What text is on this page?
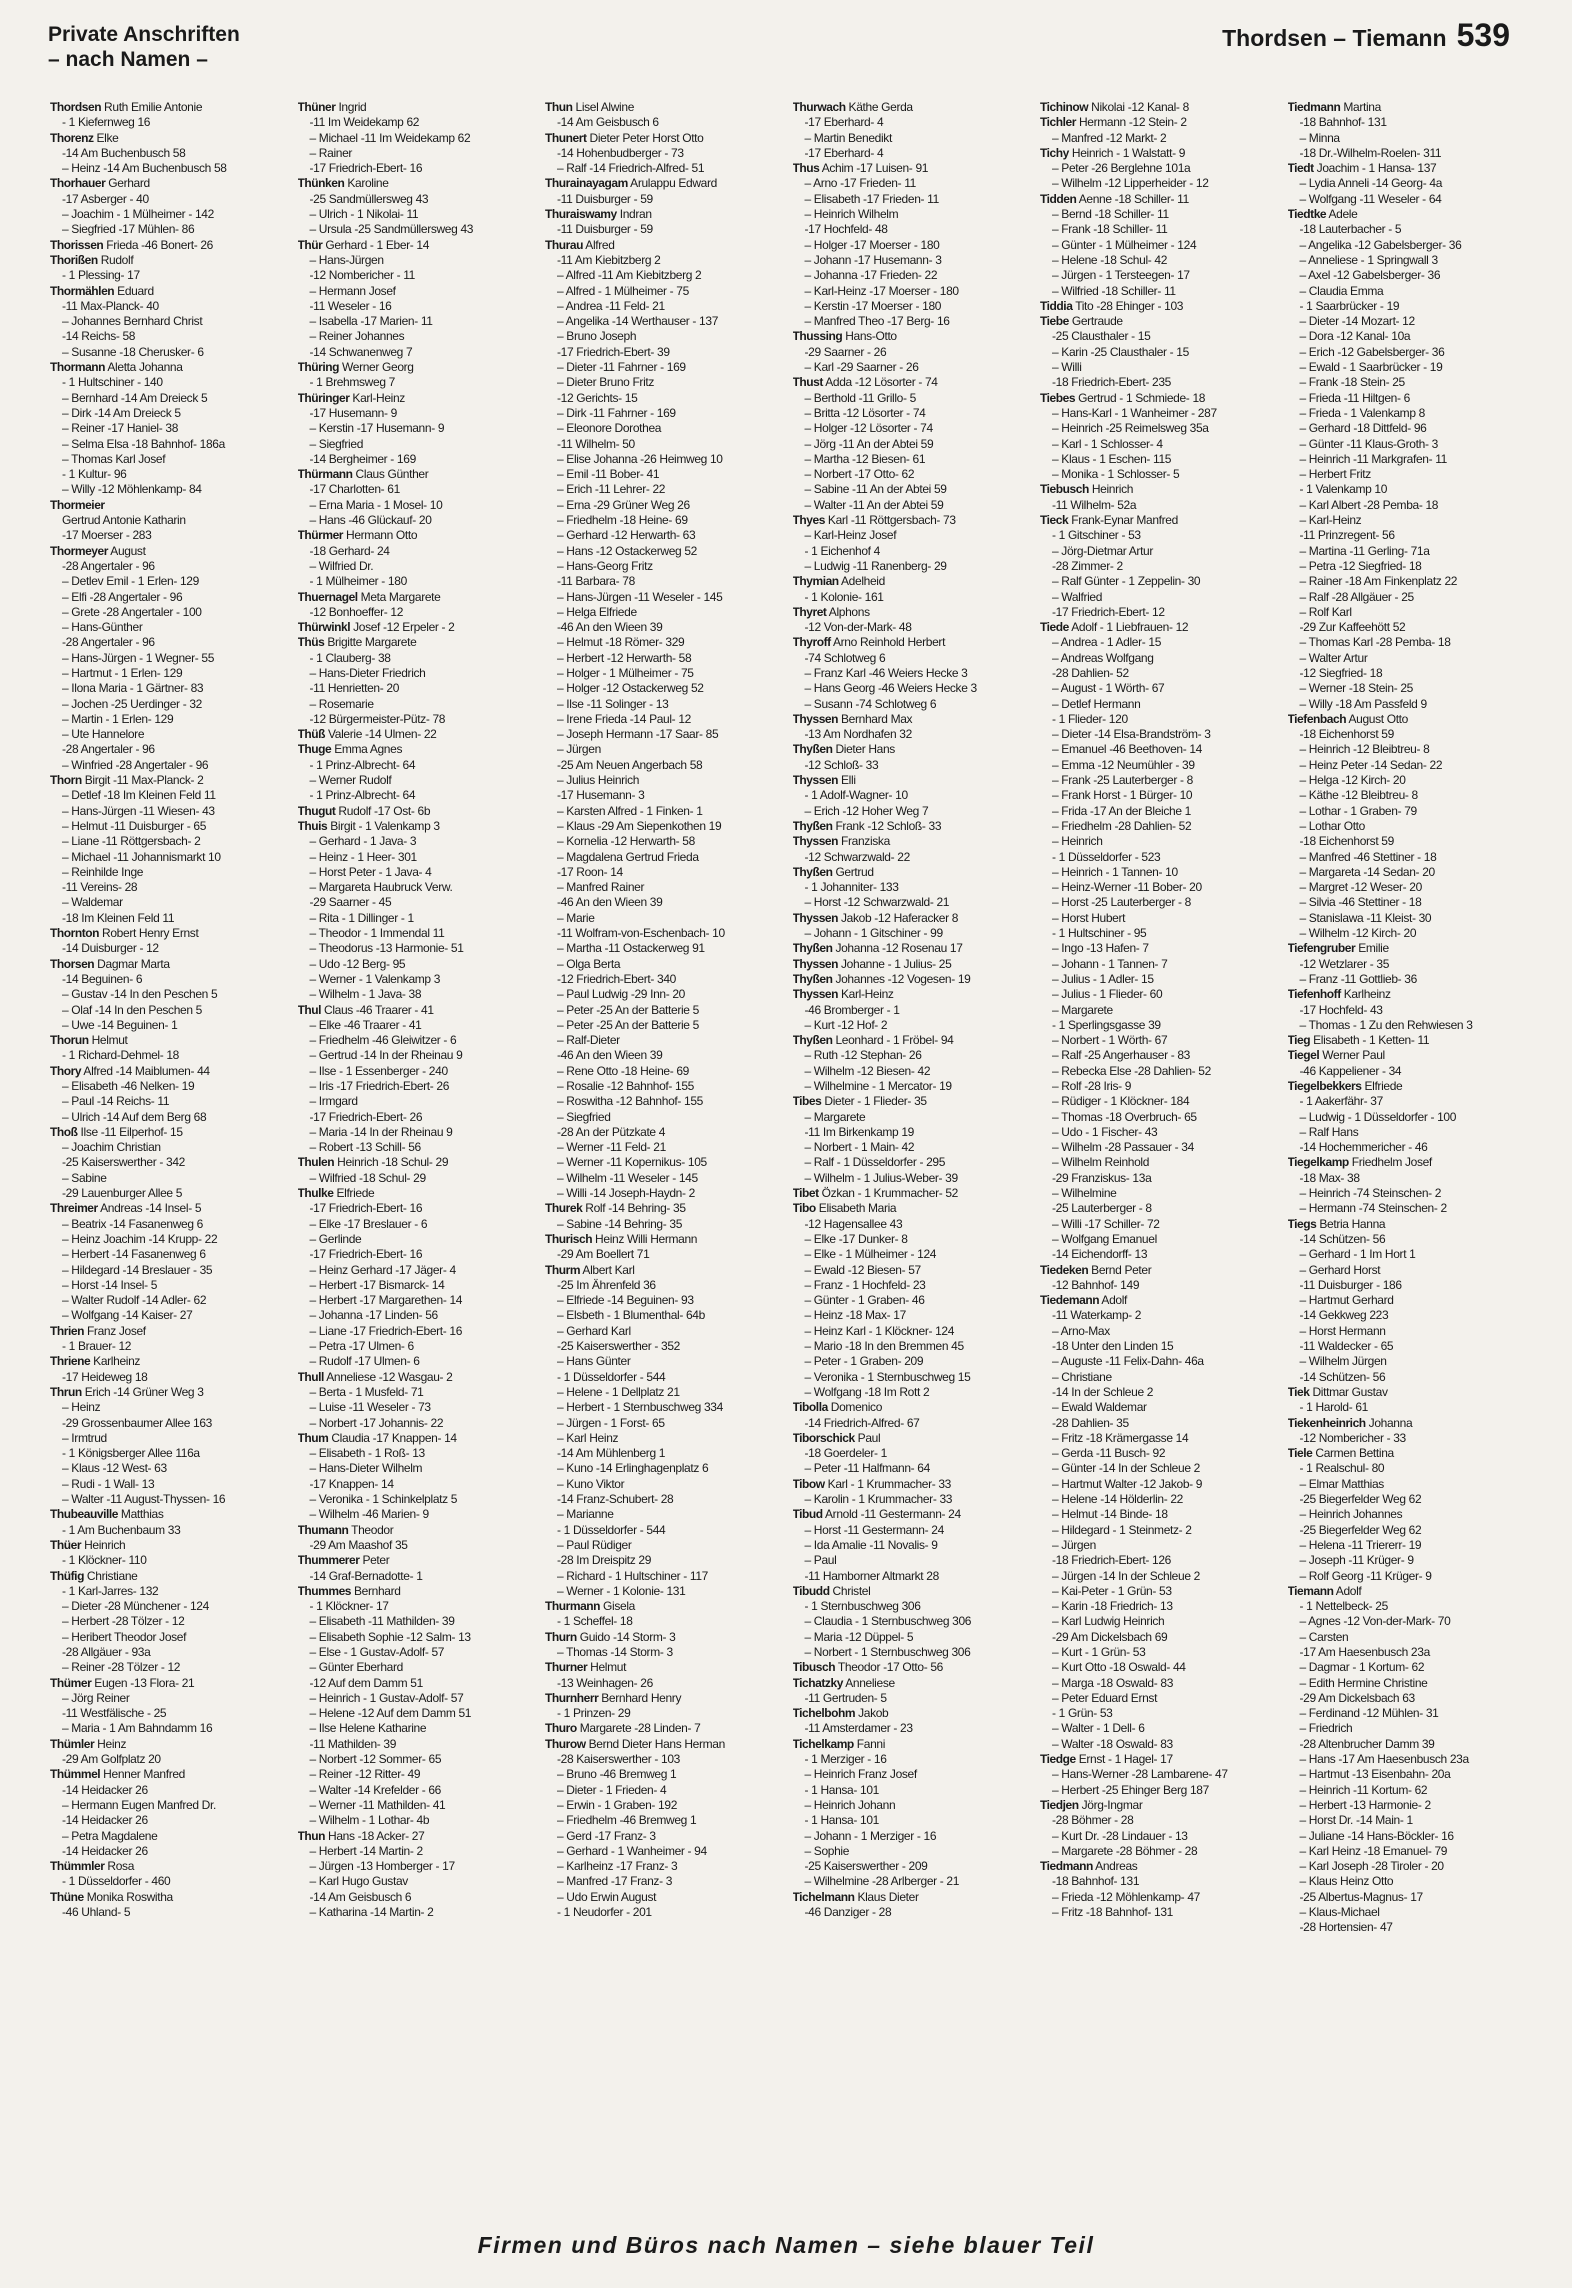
Private Anschriften
– nach Namen –
Thordsen – Tiemann 539
Thordsen Ruth Emilie Antonie
- 1 Kiefernweg 16
Thorenz Elke
-14 Am Buchenbusch 58
– Heinz -14 Am Buchenbusch 58
Thorhauer Gerhard
-17 Asberger - 40
– Joachim - 1 Mülheimer - 142
– Siegfried -17 Mühlen- 86
Thorissen Frieda -46 Bonert- 26
Thorißen Rudolf
- 1 Plessing- 17
Thormählen Eduard
-11 Max-Planck- 40
– Johannes Bernhard Christ
-14 Reichs- 58
– Susanne -18 Cherusker- 6
Thormann Aletta Johanna
- 1 Hultschiner - 140
– Bernhard -14 Am Dreieck 5
– Dirk -14 Am Dreieck 5
– Reiner -17 Haniel- 38
– Selma Elsa -18 Bahnhof- 186a
– Thomas Karl Josef
- 1 Kultur- 96
– Willy -12 Möhlenkamp- 84
Thormeier
Gertrud Antonie Katharin
-17 Moerser - 283
Thormeyer August
-28 Angertaler - 96
– Detlev Emil - 1 Erlen- 129
– Elfi -28 Angertaler - 96
– Grete -28 Angertaler - 100
– Hans-Günther
-28 Angertaler - 96
– Hans-Jürgen - 1 Wegner- 55
– Hartmut - 1 Erlen- 129
– Ilona Maria - 1 Gärtner- 83
– Jochen -25 Uerdinger - 32
– Martin - 1 Erlen- 129
– Ute Hannelore
-28 Angertaler - 96
– Winfried -28 Angertaler - 96
Thorn Birgit -11 Max-Planck- 2
– Detlef -18 Im Kleinen Feld 11
– Hans-Jürgen -11 Wiesen- 43
– Helmut -11 Duisburger - 65
– Liane -11 Röttgersbach- 2
– Michael -11 Johannismarkt 10
– Reinhilde Inge
-11 Vereins- 28
– Waldemar
-18 Im Kleinen Feld 11
Thornton Robert Henry Ernst
-14 Duisburger - 12
Thorsen Dagmar Marta
-14 Beguinen- 6
– Gustav -14 In den Peschen 5
– Olaf -14 In den Peschen 5
– Uwe -14 Beguinen- 1
Thorun Helmut
- 1 Richard-Dehmel- 18
Thory Alfred -14 Maiblumen- 44
– Elisabeth -46 Nelken- 19
– Paul -14 Reichs- 11
– Ulrich -14 Auf dem Berg 68
Thoß Ilse -11 Eilperhof- 15
– Joachim Christian
-25 Kaiserswerther - 342
– Sabine
-29 Lauenburger Allee 5
Threimer Andreas -14 Insel- 5
– Beatrix -14 Fasanenweg 6
– Heinz Joachim -14 Krupp- 22
– Herbert -14 Fasanenweg 6
– Hildegard -14 Breslauer - 35
– Horst -14 Insel- 5
– Walter Rudolf -14 Adler- 62
– Wolfgang -14 Kaiser- 27
Thrien Franz Josef
- 1 Brauer- 12
Thriene Karlheinz
-17 Heideweg 18
Thrun Erich -14 Grüner Weg 3
– Heinz
-29 Grossenbaumer Allee 163
– Irmtrud
- 1 Königsberger Allee 116a
– Klaus -12 West- 63
– Rudi - 1 Wall- 13
– Walter -11 August-Thyssen- 16
Thubeauville Matthias
- 1 Am Buchenbaum 33
Thüer Heinrich
- 1 Klöckner- 110
Thüfig Christiane
- 1 Karl-Jarres- 132
– Dieter -28 Münchener - 124
– Herbert -28 Tölzer - 12
– Heribert Theodor Josef
-28 Allgäuer - 93a
– Reiner -28 Tölzer - 12
Thümer Eugen -13 Flora- 21
– Jörg Reiner
-11 Westfälische - 25
– Maria - 1 Am Bahndamm 16
Thümler Heinz
-29 Am Golfplatz 20
Thümmel Henner Manfred
-14 Heidacker 26
– Hermann Eugen Manfred Dr.
-14 Heidacker 26
– Petra Magdalene
-14 Heidacker 26
Thümmler Rosa
- 1 Düsseldorfer - 460
Thüne Monika Roswitha
-46 Uhland- 5
Thüner Ingrid
-11 Im Weidekamp 62
– Michael -11 Im Weidekamp 62
– Rainer
-17 Friedrich-Ebert- 16
Thünken Karoline
-25 Sandmüllersweg 43
– Ulrich - 1 Nikolai- 11
– Ursula -25 Sandmüllersweg 43
Thür Gerhard - 1 Eber- 14
– Hans-Jürgen
-12 Nombericher - 11
– Hermann Josef
-11 Weseler - 16
– Isabella -17 Marien- 11
– Reiner Johannes
-14 Schwanenweg 7
Thüring Werner Georg
- 1 Brehmsweg 7
Thüringer Karl-Heinz
-17 Husemann- 9
– Kerstin -17 Husemann- 9
– Siegfried
-14 Bergheimer - 169
Thürmann Claus Günther
-17 Charlotten- 61
– Erna Maria - 1 Mosel- 10
– Hans -46 Glückauf- 20
Thürmer Hermann Otto
-18 Gerhard- 24
– Wilfried Dr.
- 1 Mülheimer - 180
Thuernagel Meta Margarete
-12 Bonhoeffer- 12
Thürwinkl Josef -12 Erpeler - 2
Thüs Brigitte Margarete
- 1 Clauberg- 38
– Hans-Dieter Friedrich
-11 Henrietten- 20
– Rosemarie
-12 Bürgermeister-Pütz- 78
Thüß Valerie -14 Ulmen- 22
Thuge Emma Agnes
- 1 Prinz-Albrecht- 64
– Werner Rudolf
- 1 Prinz-Albrecht- 64
Thugut Rudolf -17 Ost- 6b
Thuis Birgit - 1 Valenkamp 3
– Gerhard - 1 Java- 3
– Heinz - 1 Heer- 301
– Horst Peter - 1 Java- 4
– Margareta Haubruck Verw.
-29 Saarner - 45
– Rita - 1 Dillinger - 1
– Theodor - 1 Immendal 11
– Theodorus -13 Harmonie- 51
– Udo -12 Berg- 95
– Werner - 1 Valenkamp 3
– Wilhelm - 1 Java- 38
Thul Claus -46 Traarer - 41
– Elke -46 Traarer - 41
– Friedhelm -46 Gleiwitzer - 6
– Gertrud -14 In der Rheinau 9
– Ilse - 1 Essenberger - 240
– Iris -17 Friedrich-Ebert- 26
– Irmgard
-17 Friedrich-Ebert- 26
– Maria -14 In der Rheinau 9
– Robert -13 Schill- 56
Thulen Heinrich -18 Schul- 29
– Wilfried -18 Schul- 29
Thulke Elfriede
-17 Friedrich-Ebert- 16
– Elke -17 Breslauer - 6
– Gerlinde
-17 Friedrich-Ebert- 16
– Heinz Gerhard -17 Jäger- 4
– Herbert -17 Bismarck- 14
– Herbert -17 Margarethen- 14
– Johanna -17 Linden- 56
– Liane -17 Friedrich-Ebert- 16
– Petra -17 Ulmen- 6
– Rudolf -17 Ulmen- 6
Thull Anneliese -12 Wasgau- 2
– Berta - 1 Musfeld- 71
– Luise -11 Weseler - 73
– Norbert -17 Johannis- 22
Thum Claudia -17 Knappen- 14
– Elisabeth - 1 Roß- 13
– Hans-Dieter Wilhelm
-17 Knappen- 14
– Veronika - 1 Schinkelplatz 5
– Wilhelm -46 Marien- 9
Thumann Theodor
-29 Am Maashof 35
Thummerer Peter
-14 Graf-Bernadotte- 1
Thummes Bernhard
- 1 Klöckner- 17
– Elisabeth -11 Mathilden- 39
– Elisabeth Sophie -12 Salm- 13
– Else - 1 Gustav-Adolf- 57
– Günter Eberhard
-12 Auf dem Damm 51
– Heinrich - 1 Gustav-Adolf- 57
– Helene -12 Auf dem Damm 51
– Ilse Helene Katharine
-11 Mathilden- 39
– Norbert -12 Sommer- 65
– Reiner -12 Ritter- 49
– Walter -14 Krefelder - 66
– Werner -11 Mathilden- 41
– Wilhelm - 1 Lothar- 4b
Thun Hans -18 Acker- 27
– Herbert -14 Martin- 2
– Jürgen -13 Homberger - 17
– Karl Hugo Gustav
-14 Am Geisbusch 6
– Katharina -14 Martin- 2
Thun Lisel Alwine
-14 Am Geisbusch 6
Thunert Dieter Peter Horst Otto
-14 Hohenbudberger - 73
– Ralf -14 Friedrich-Alfred- 51
Thurainayagam Arulappu Edward
-11 Duisburger - 59
Thuraiswamy Indran
-11 Duisburger - 59
Thurau Alfred
-11 Am Kiebitzberg 2
– Alfred -11 Am Kiebitzberg 2
– Alfred - 1 Mülheimer - 75
– Andrea -11 Feld- 21
– Angelika -14 Werthauser - 137
– Bruno Joseph
-17 Friedrich-Ebert- 39
– Dieter -11 Fahrner - 169
– Dieter Bruno Fritz
-12 Gerichts- 15
– Dirk -11 Fahrner - 169
– Eleonore Dorothea
-11 Wilhelm- 50
– Elise Johanna -26 Heimweg 10
– Emil -11 Bober- 41
– Erich -11 Lehrer- 22
– Erna -29 Grüner Weg 26
– Friedhelm -18 Heine- 69
– Gerhard -12 Herwarth- 63
– Hans -12 Ostackerweg 52
– Hans-Georg Fritz
-11 Barbara- 78
– Hans-Jürgen -11 Weseler - 145
– Helga Elfriede
-46 An den Wieen 39
– Helmut -18 Römer- 329
– Herbert -12 Herwarth- 58
– Holger - 1 Mülheimer - 75
– Holger -12 Ostackerweg 52
– Ilse -11 Solinger - 13
– Irene Frieda -14 Paul- 12
– Joseph Hermann -17 Saar- 85
– Jürgen
-25 Am Neuen Angerbach 58
– Julius Heinrich
-17 Husemann- 3
– Karsten Alfred - 1 Finken- 1
– Klaus -29 Am Siepenkothen 19
– Kornelia -12 Herwarth- 58
– Magdalena Gertrud Frieda
-17 Roon- 14
– Manfred Rainer
-46 An den Wieen 39
– Marie
-11 Wolfram-von-Eschenbach- 10
– Martha -11 Ostackerweg 91
– Olga Berta
-12 Friedrich-Ebert- 340
– Paul Ludwig -29 Inn- 20
– Peter -25 An der Batterie 5
– Peter -25 An der Batterie 5
– Ralf-Dieter
-46 An den Wieen 39
– Rene Otto -18 Heine- 69
– Rosalie -12 Bahnhof- 155
– Roswitha -12 Bahnhof- 155
– Siegfried
-28 An der Pützkate 4
– Werner -11 Feld- 21
– Werner -11 Kopernikus- 105
– Wilhelm -11 Weseler - 145
– Willi -14 Joseph-Haydn- 2
Thurek Rolf -14 Behring- 35
– Sabine -14 Behring- 35
Thurisch Heinz Willi Hermann
-29 Am Boellert 71
Thurm Albert Karl
-25 Im Ährenfeld 36
– Elfriede -14 Beguinen- 93
– Elsbeth - 1 Blumenthal- 64b
– Gerhard Karl
-25 Kaiserswerther - 352
– Hans Günter
- 1 Düsseldorfer - 544
– Helene - 1 Dellplatz 21
– Herbert - 1 Sternbuschweg 334
– Jürgen - 1 Forst- 65
– Karl Heinz
-14 Am Mühlenberg 1
– Kuno -14 Erlinghagenplatz 6
– Kuno Viktor
-14 Franz-Schubert- 28
– Marianne
- 1 Düsseldorfer - 544
– Paul Rüdiger
-28 Im Dreispitz 29
– Richard - 1 Hultschiner - 117
– Werner - 1 Kolonie- 131
Thurmann Gisela
- 1 Scheffel- 18
Thurn Guido -14 Storm- 3
– Thomas -14 Storm- 3
Thurner Helmut
-13 Weinhagen- 26
Thurnherr Bernhard Henry
- 1 Prinzen- 29
Thuro Margarete -28 Linden- 7
Thurow Bernd Dieter Hans Herman
-28 Kaiserswerther - 103
– Bruno -46 Bremweg 1
– Dieter - 1 Frieden- 4
– Erwin - 1 Graben- 192
– Friedhelm -46 Bremweg 1
– Gerd -17 Franz- 3
– Gerhard - 1 Wanheimer - 94
– Karlheinz -17 Franz- 3
– Manfred -17 Franz- 3
– Udo Erwin August
- 1 Neudorfer - 201
Thurwach Käthe Gerda
-17 Eberhard- 4
– Martin Benedikt
-17 Eberhard- 4
Thus Achim -17 Luisen- 91
– Arno -17 Frieden- 11
– Elisabeth -17 Frieden- 11
– Heinrich Wilhelm
-17 Hochfeld- 48
– Holger -17 Moerser - 180
– Johann -17 Husemann- 3
– Johanna -17 Frieden- 22
– Karl-Heinz -17 Moerser - 180
– Kerstin -17 Moerser - 180
– Manfred Theo -17 Berg- 16
Thussing Hans-Otto
-29 Saarner - 26
– Karl -29 Saarner - 26
Thust Adda -12 Lösorter - 74
– Berthold -11 Grillo- 5
– Britta -12 Lösorter - 74
– Holger -12 Lösorter - 74
– Jörg -11 An der Abtei 59
– Martha -12 Biesen- 61
– Norbert -17 Otto- 62
– Sabine -11 An der Abtei 59
– Walter -11 An der Abtei 59
Thyes Karl -11 Röttgersbach- 73
– Karl-Heinz Josef
- 1 Eichenhof 4
– Ludwig -11 Ranenberg- 29
Thymian Adelheid
- 1 Kolonie- 161
Thyret Alphons
-12 Von-der-Mark- 48
Thyroff Arno Reinhold Herbert
-74 Schlotweg 6
– Franz Karl -46 Weiers Hecke 3
– Hans Georg -46 Weiers Hecke 3
– Susann -74 Schlotweg 6
Thyssen Bernhard Max
-13 Am Nordhafen 32
Thyßen Dieter Hans
-12 Schloß- 33
Thyssen Elli
- 1 Adolf-Wagner- 10
– Erich -12 Hoher Weg 7
Thyßen Frank -12 Schloß- 33
Thyssen Franziska
-12 Schwarzwald- 22
Thyßen Gertrud
- 1 Johanniter- 133
– Horst -12 Schwarzwald- 21
Thyssen Jakob -12 Haferacker 8
– Johann - 1 Gitschiner - 99
Thyßen Johanna -12 Rosenau 17
Thyssen Johanne - 1 Julius- 25
Thyßen Johannes -12 Vogesen- 19
Thyssen Karl-Heinz
-46 Bromberger - 1
– Kurt -12 Hof- 2
Thyßen Leonhard - 1 Fröbel- 94
– Ruth -12 Stephan- 26
– Wilhelm -12 Biesen- 42
– Wilhelmine - 1 Mercator- 19
Tibes Dieter - 1 Flieder- 35
– Margarete
-11 Im Birkenkamp 19
– Norbert - 1 Main- 42
– Ralf - 1 Düsseldorfer - 295
– Wilhelm - 1 Julius-Weber- 39
Tibet Özkan - 1 Krummacher- 52
Tibo Elisabeth Maria
-12 Hagensallee 43
– Elke -17 Dunker- 8
– Elke - 1 Mülheimer - 124
– Ewald -12 Biesen- 57
– Franz - 1 Hochfeld- 23
– Günter - 1 Graben- 46
– Heinz -18 Max- 17
– Heinz Karl - 1 Klöckner- 124
– Mario -18 In den Bremmen 45
– Peter - 1 Graben- 209
– Veronika - 1 Sternbuschweg 15
– Wolfgang -18 Im Rott 2
Tibolla Domenico
-14 Friedrich-Alfred- 67
Tiborschick Paul
-18 Goerdeler- 1
– Peter -11 Halfmann- 64
Tibow Karl - 1 Krummacher- 33
– Karolin - 1 Krummacher- 33
Tibud Arnold -11 Gestermann- 24
– Horst -11 Gestermann- 24
– Ida Amalie -11 Novalis- 9
– Paul
-11 Hamborner Altmarkt 28
Tibudd Christel
- 1 Sternbuschweg 306
– Claudia - 1 Sternbuschweg 306
– Maria -12 Düppel- 5
– Norbert - 1 Sternbuschweg 306
Tibusch Theodor -17 Otto- 56
Tichatzky Anneliese
-11 Gertruden- 5
Tichelbohm Jakob
-11 Amsterdamer - 23
Tichelkamp Fanni
- 1 Merziger - 16
– Heinrich Franz Josef
- 1 Hansa- 101
– Heinrich Johann
- 1 Hansa- 101
– Johann - 1 Merziger - 16
– Sophie
-25 Kaiserswerther - 209
– Wilhelmine -28 Arlberger - 21
Tichelmann Klaus Dieter
-46 Danziger - 28
Tichinow Nikolai -12 Kanal- 8
Tichler Hermann -12 Stein- 2
– Manfred -12 Markt- 2
Tichy Heinrich - 1 Walstatt- 9
– Peter -26 Berglehne 101a
– Wilhelm -12 Lipperheider - 12
Tidden Aenne -18 Schiller- 11
– Bernd -18 Schiller- 11
– Frank -18 Schiller- 11
– Günter - 1 Mülheimer - 124
– Helene -18 Schul- 42
– Jürgen - 1 Tersteegen- 17
– Wilfried -18 Schiller- 11
Tiddia Tito -28 Ehinger - 103
Tiebe Gertraude
-25 Clausthaler - 15
– Karin -25 Clausthaler - 15
– Willi
-18 Friedrich-Ebert- 235
Tiebes Gertrud - 1 Schmiede- 18
– Hans-Karl - 1 Wanheimer - 287
– Heinrich -25 Reimelsweg 35a
– Karl - 1 Schlosser- 4
– Klaus - 1 Eschen- 115
– Monika - 1 Schlosser- 5
Tiebusch Heinrich
-11 Wilhelm- 52a
Tieck Frank-Eynar Manfred
- 1 Gitschiner - 53
– Jörg-Dietmar Artur
-28 Zimmer- 2
– Ralf Günter - 1 Zeppelin- 30
– Walfried
-17 Friedrich-Ebert- 12
Tiede Adolf - 1 Liebfrauen- 12
– Andrea - 1 Adler- 15
– Andreas Wolfgang
-28 Dahlien- 52
– August - 1 Wörth- 67
– Detlef Hermann
- 1 Flieder- 120
– Dieter -14 Elsa-Brandström- 3
– Emanuel -46 Beethoven- 14
– Emma -12 Neumühler - 39
– Frank -25 Lauterberger - 8
– Frank Horst - 1 Bürger- 10
– Frida -17 An der Bleiche 1
– Friedhelm -28 Dahlien- 52
– Heinrich
- 1 Düsseldorfer - 523
– Heinrich - 1 Tannen- 10
– Heinz-Werner -11 Bober- 20
– Horst -25 Lauterberger - 8
– Horst Hubert
- 1 Hultschiner - 95
– Ingo -13 Hafen- 7
– Johann - 1 Tannen- 7
– Julius - 1 Adler- 15
– Julius - 1 Flieder- 60
– Margarete
- 1 Sperlingsgasse 39
– Norbert - 1 Wörth- 67
– Ralf -25 Angerhauser - 83
– Rebecka Else -28 Dahlien- 52
– Rolf -28 Iris- 9
– Rüdiger - 1 Klöckner- 184
– Thomas -18 Overbruch- 65
– Udo - 1 Fischer- 43
– Wilhelm -28 Passauer - 34
– Wilhelm Reinhold
-29 Franziskus- 13a
– Wilhelmine
-25 Lauterberger - 8
– Willi -17 Schiller- 72
– Wolfgang Emanuel
-14 Eichendorff- 13
Tiedeken Bernd Peter
-12 Bahnhof- 149
Tiedemann Adolf
-11 Waterkamp- 2
– Arno-Max
-18 Unter den Linden 15
– Auguste -11 Felix-Dahn- 46a
– Christiane
-14 In der Schleue 2
– Ewald Waldemar
-28 Dahlien- 35
– Fritz -18 Krämergasse 14
– Gerda -11 Busch- 92
– Günter -14 In der Schleue 2
– Hartmut Walter -12 Jakob- 9
– Helene -14 Hölderlin- 22
– Helmut -14 Binde- 18
– Hildegard - 1 Steinmetz- 2
– Jürgen
-18 Friedrich-Ebert- 126
– Jürgen -14 In der Schleue 2
– Kai-Peter - 1 Grün- 53
– Karin -18 Friedrich- 13
– Karl Ludwig Heinrich
-29 Am Dickelsbach 69
– Kurt - 1 Grün- 53
– Kurt Otto -18 Oswald- 44
– Marga -18 Oswald- 83
– Peter Eduard Ernst
- 1 Grün- 53
– Walter - 1 Dell- 6
– Walter -18 Oswald- 83
Tiedge Ernst - 1 Hagel- 17
– Hans-Werner -28 Lambarene- 47
– Herbert -25 Ehinger Berg 187
Tiedjen Jörg-Ingmar
-28 Böhmer - 28
– Kurt Dr. -28 Lindauer - 13
– Margarete -28 Böhmer - 28
Tiedmann Andreas
-18 Bahnhof- 131
– Frieda -12 Möhlenkamp- 47
– Fritz -18 Bahnhof- 131
Tiedmann Martina
-18 Bahnhof- 131
– Minna
-18 Dr.-Wilhelm-Roelen- 311
Tiedt Joachim - 1 Hansa- 137
– Lydia Anneli -14 Georg- 4a
– Wolfgang -11 Weseler - 64
Tiedtke Adele
-18 Lauterbacher - 5
– Angelika -12 Gabelsberger- 36
– Anneliese - 1 Springwall 3
– Axel -12 Gabelsberger- 36
– Claudia Emma
- 1 Saarbrücker - 19
– Dieter -14 Mozart- 12
– Dora -12 Kanal- 10a
– Erich -12 Gabelsberger- 36
– Ewald - 1 Saarbrücker - 19
– Frank -18 Stein- 25
– Frieda -11 Hiltgen- 6
– Frieda - 1 Valenkamp 8
– Gerhard -18 Dittfeld- 96
– Günter -11 Klaus-Groth- 3
– Heinrich -11 Markgrafen- 11
– Herbert Fritz
- 1 Valenkamp 10
– Karl Albert -28 Pemba- 18
– Karl-Heinz
-11 Prinzregent- 56
– Martina -11 Gerling- 71a
– Petra -12 Siegfried- 18
– Rainer -18 Am Finkenplatz 22
– Ralf -28 Allgäuer - 25
– Rolf Karl
-29 Zur Kaffeehött 52
– Thomas Karl -28 Pemba- 18
– Walter Artur
-12 Siegfried- 18
– Werner -18 Stein- 25
– Willy -18 Am Passfeld 9
Tiefenbach August Otto
-18 Eichenhorst 59
– Heinrich -12 Bleibtreu- 8
– Heinz Peter -14 Sedan- 22
– Helga -12 Kirch- 20
– Käthe -12 Bleibtreu- 8
– Lothar - 1 Graben- 79
– Lothar Otto
-18 Eichenhorst 59
– Manfred -46 Stettiner - 18
– Margareta -14 Sedan- 20
– Margret -12 Weser- 20
– Silvia -46 Stettiner - 18
– Stanislawa -11 Kleist- 30
– Wilhelm -12 Kirch- 20
Tiefengruber Emilie
-12 Wetzlarer - 35
– Franz -11 Gottlieb- 36
Tiefenhoff Karlheinz
-17 Hochfeld- 43
– Thomas - 1 Zu den Rehwiesen 3
Tieg Elisabeth - 1 Ketten- 11
Tiegel Werner Paul
-46 Kappeliener - 34
Tiegelbekkers Elfriede
- 1 Aakerfähr- 37
– Ludwig - 1 Düsseldorfer - 100
– Ralf Hans
-14 Hochemmericher - 46
Tiegelkamp Friedhelm Josef
-18 Max- 38
– Heinrich -74 Steinschen- 2
– Hermann -74 Steinschen- 2
Tiegs Betria Hanna
-14 Schützen- 56
– Gerhard - 1 Im Hort 1
– Gerhard Horst
-11 Duisburger - 186
– Hartmut Gerhard
-14 Gekkweg 223
– Horst Hermann
-11 Waldecker - 65
– Wilhelm Jürgen
-14 Schützen- 56
Tiek Dittmar Gustav
- 1 Harold- 61
Tiekenheinrich Johanna
-12 Nombericher - 33
Tiele Carmen Bettina
- 1 Realschul- 80
– Elmar Matthias
-25 Biegerfelder Weg 62
– Heinrich Johannes
-25 Biegerfelder Weg 62
– Helena -11 Triererr- 19
– Joseph -11 Krüger- 9
– Rolf Georg -11 Krüger- 9
Tiemann Adolf
- 1 Nettelbeck- 25
– Agnes -12 Von-der-Mark- 70
– Carsten
-17 Am Haesenbusch 23a
– Dagmar - 1 Kortum- 62
– Edith Hermine Christine
-29 Am Dickelsbach 63
– Ferdinand -12 Mühlen- 31
– Friedrich
-28 Altenbrucher Damm 39
– Hans -17 Am Haesenbusch 23a
– Hartmut -13 Eisenbahn- 20a
– Heinrich -11 Kortum- 62
– Herbert -13 Harmonie- 2
– Horst Dr. -14 Main- 1
– Juliane -14 Hans-Böckler- 16
– Karl Heinz -18 Emanuel- 79
– Karl Joseph -28 Tiroler - 20
– Klaus Heinz Otto
-25 Albertus-Magnus- 17
– Klaus-Michael
-28 Hortensien- 47
Firmen und Büros nach Namen – siehe blauer Teil
